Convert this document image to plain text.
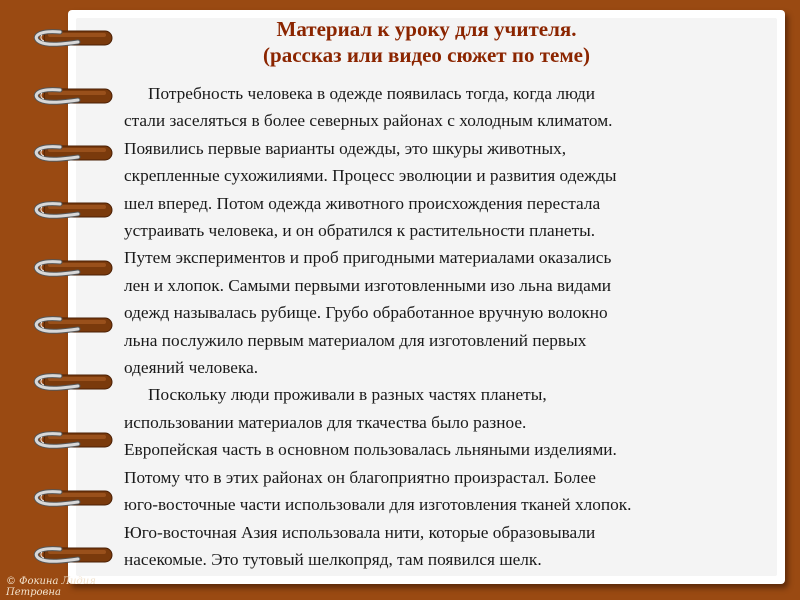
Материал к уроку для учителя.
(рассказ или видео сюжет по теме)
Потребность человека в одежде появилась тогда, когда люди
стали заселяться в более северных районах с холодным климатом.
Появились первые варианты одежды, это шкуры животных,
скрепленные сухожилиями. Процесс эволюции и развития одежды
шел вперед. Потом одежда животного происхождения перестала
устраивать человека, и он обратился к растительности планеты.
Путем экспериментов и проб пригодными материалами оказались
лен и хлопок. Самыми первыми изготовленными изо льна видами
одежд называлась рубище. Грубо обработанное вручную волокно
льна послужило первым материалом для изготовлений первых
одеяний человека.
Поскольку люди проживали в разных частях планеты,
использовании материалов для ткачества было разное.
Европейская часть в основном пользовалась льняными изделиями.
Потому что в этих районах он благоприятно произрастал. Более
юго-восточные части использовали для изготовления тканей хлопок.
Юго-восточная Азия использовала нити, которые образовывали
насекомые. Это тутовый шелкопряд, там появился шелк.
© Фокина Лидия
Петровна
